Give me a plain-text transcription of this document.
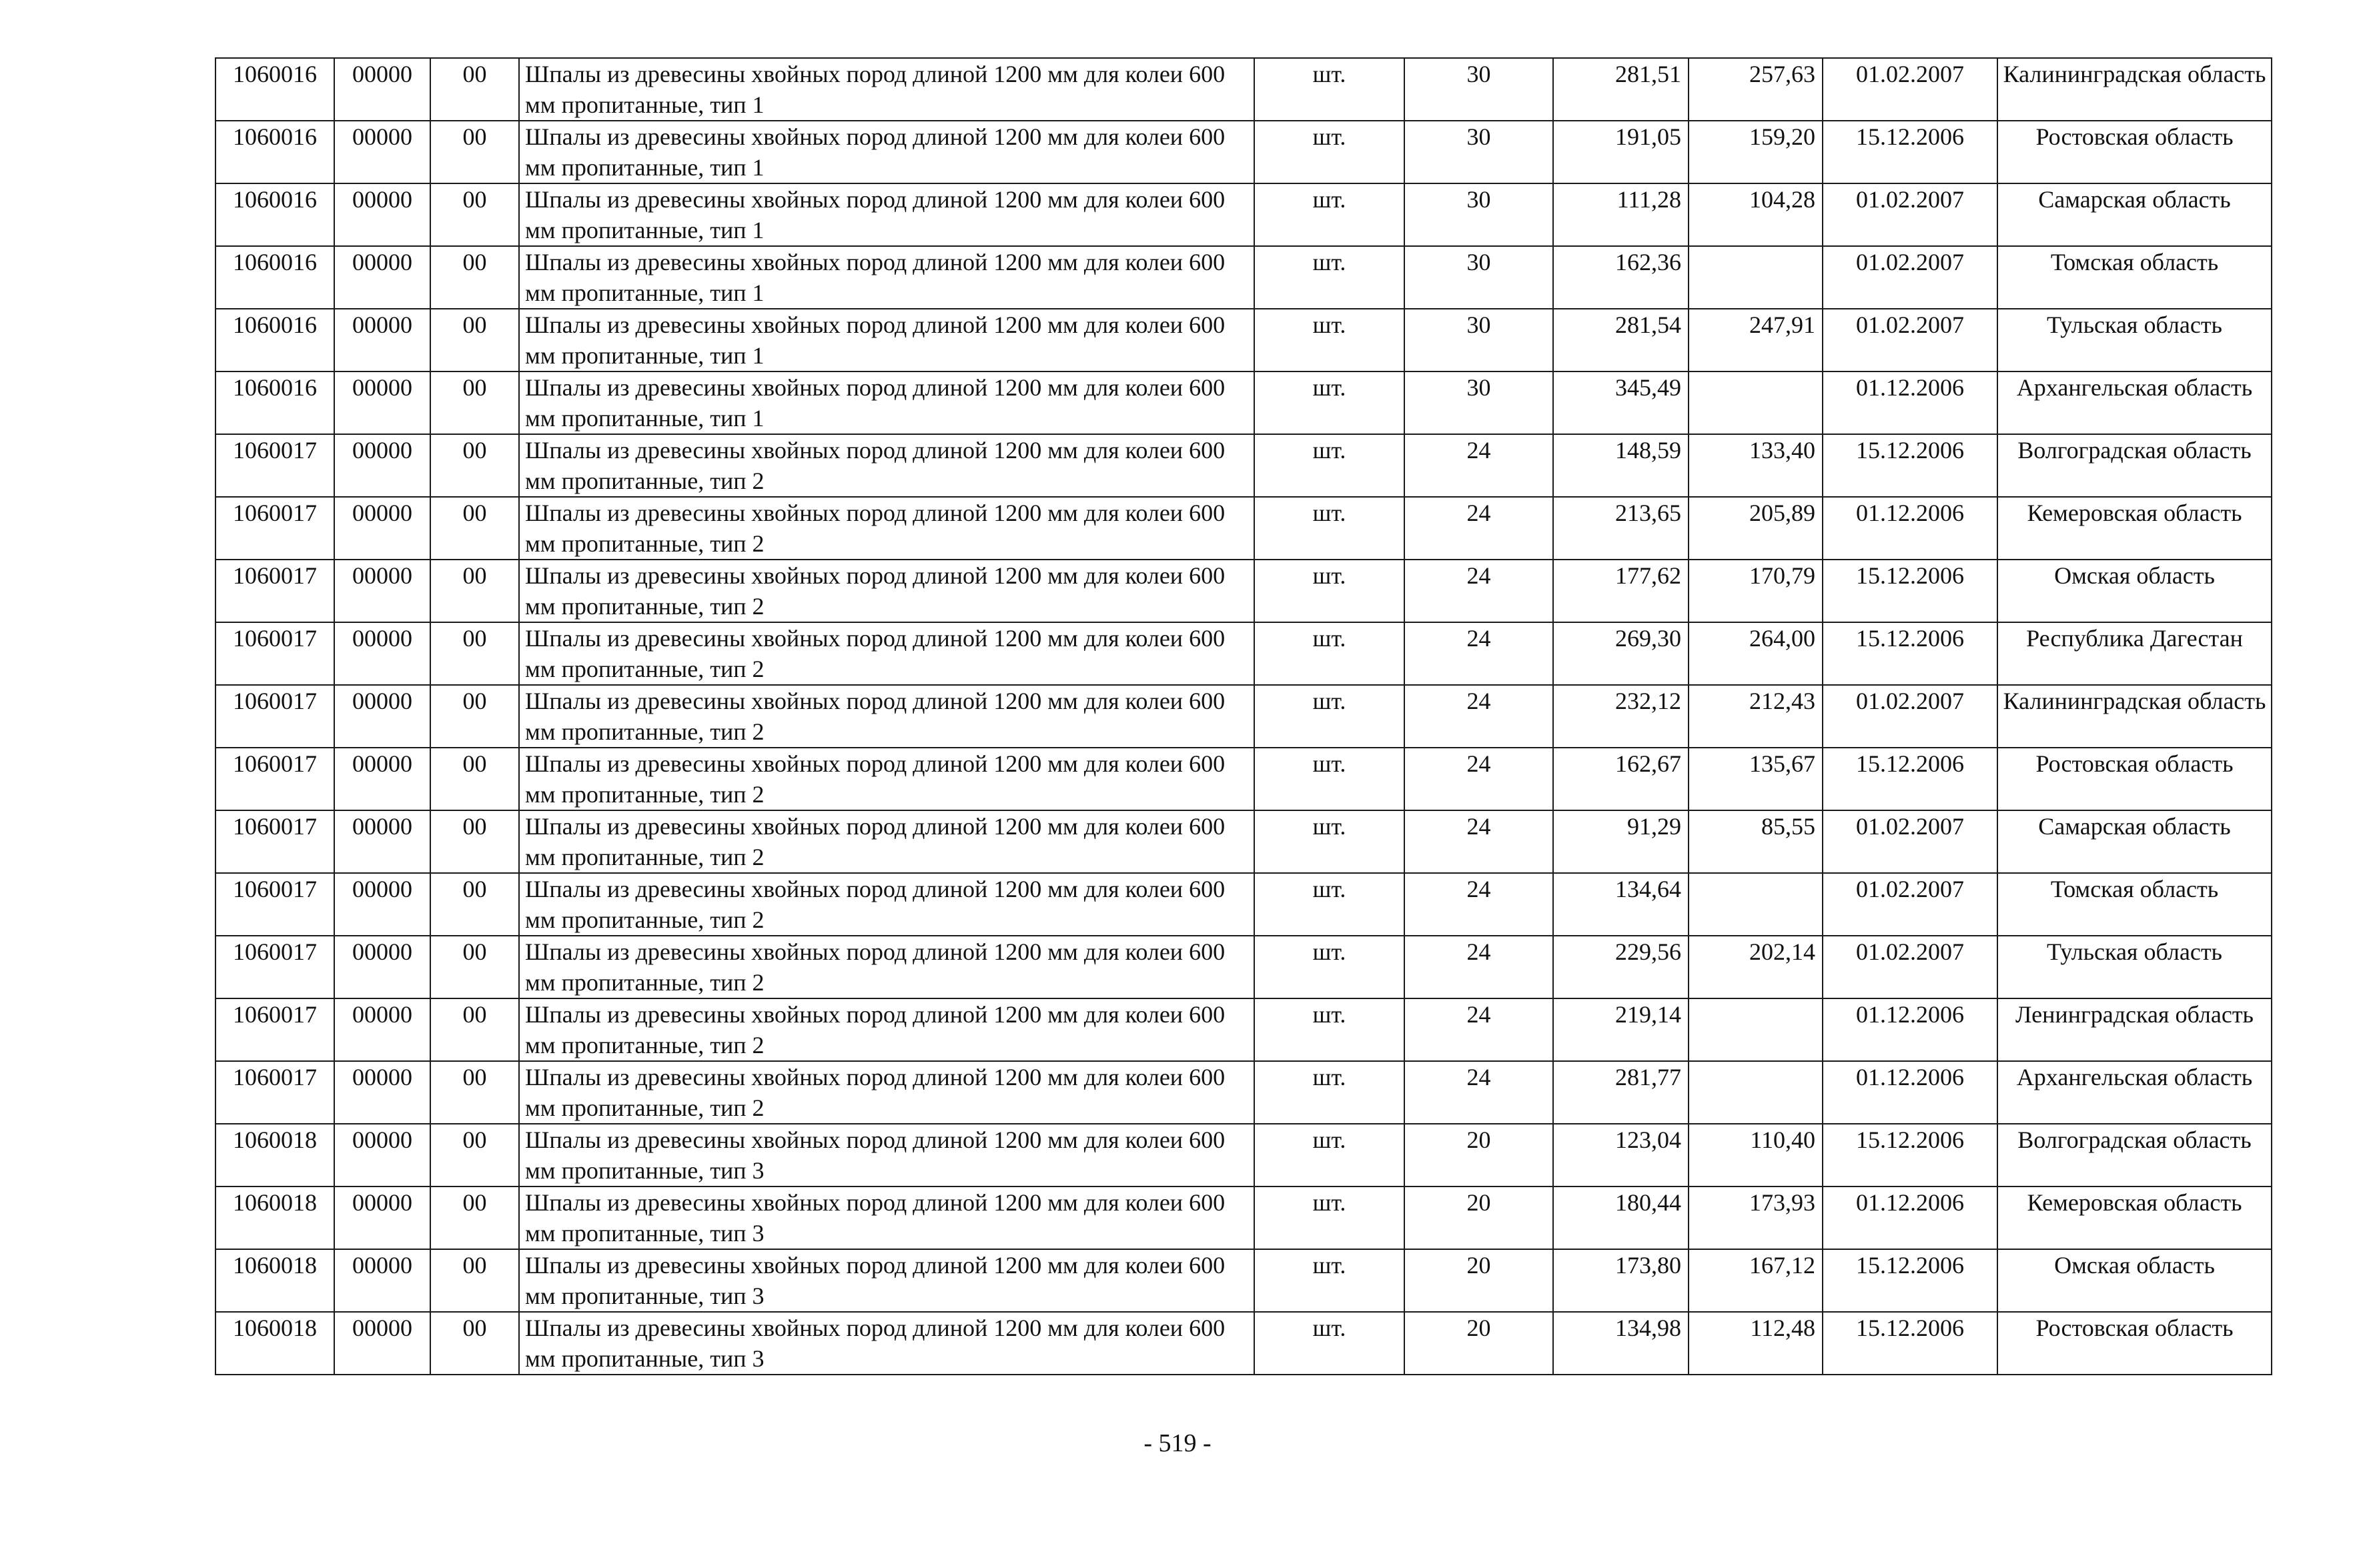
1060016	00000	00	Шпалы из древесины хвойных пород длиной 1200 мм для колеи 600 мм пропитанные, тип 1	шт.	30	281,51	257,63	01.02.2007	Калининградская область
1060016	00000	00	Шпалы из древесины хвойных пород длиной 1200 мм для колеи 600 мм пропитанные, тип 1	шт.	30	191,05	159,20	15.12.2006	Ростовская область
1060016	00000	00	Шпалы из древесины хвойных пород длиной 1200 мм для колеи 600 мм пропитанные, тип 1	шт.	30	111,28	104,28	01.02.2007	Самарская область
1060016	00000	00	Шпалы из древесины хвойных пород длиной 1200 мм для колеи 600 мм пропитанные, тип 1	шт.	30	162,36		01.02.2007	Томская область
1060016	00000	00	Шпалы из древесины хвойных пород длиной 1200 мм для колеи 600 мм пропитанные, тип 1	шт.	30	281,54	247,91	01.02.2007	Тульская область
1060016	00000	00	Шпалы из древесины хвойных пород длиной 1200 мм для колеи 600 мм пропитанные, тип 1	шт.	30	345,49		01.12.2006	Архангельская область
1060017	00000	00	Шпалы из древесины хвойных пород длиной 1200 мм для колеи 600 мм пропитанные, тип 2	шт.	24	148,59	133,40	15.12.2006	Волгоградская область
1060017	00000	00	Шпалы из древесины хвойных пород длиной 1200 мм для колеи 600 мм пропитанные, тип 2	шт.	24	213,65	205,89	01.12.2006	Кемеровская область
1060017	00000	00	Шпалы из древесины хвойных пород длиной 1200 мм для колеи 600 мм пропитанные, тип 2	шт.	24	177,62	170,79	15.12.2006	Омская область
1060017	00000	00	Шпалы из древесины хвойных пород длиной 1200 мм для колеи 600 мм пропитанные, тип 2	шт.	24	269,30	264,00	15.12.2006	Республика Дагестан
1060017	00000	00	Шпалы из древесины хвойных пород длиной 1200 мм для колеи 600 мм пропитанные, тип 2	шт.	24	232,12	212,43	01.02.2007	Калининградская область
1060017	00000	00	Шпалы из древесины хвойных пород длиной 1200 мм для колеи 600 мм пропитанные, тип 2	шт.	24	162,67	135,67	15.12.2006	Ростовская область
1060017	00000	00	Шпалы из древесины хвойных пород длиной 1200 мм для колеи 600 мм пропитанные, тип 2	шт.	24	91,29	85,55	01.02.2007	Самарская область
1060017	00000	00	Шпалы из древесины хвойных пород длиной 1200 мм для колеи 600 мм пропитанные, тип 2	шт.	24	134,64		01.02.2007	Томская область
1060017	00000	00	Шпалы из древесины хвойных пород длиной 1200 мм для колеи 600 мм пропитанные, тип 2	шт.	24	229,56	202,14	01.02.2007	Тульская область
1060017	00000	00	Шпалы из древесины хвойных пород длиной 1200 мм для колеи 600 мм пропитанные, тип 2	шт.	24	219,14		01.12.2006	Ленинградская область
1060017	00000	00	Шпалы из древесины хвойных пород длиной 1200 мм для колеи 600 мм пропитанные, тип 2	шт.	24	281,77		01.12.2006	Архангельская область
1060018	00000	00	Шпалы из древесины хвойных пород длиной 1200 мм для колеи 600 мм пропитанные, тип 3	шт.	20	123,04	110,40	15.12.2006	Волгоградская область
1060018	00000	00	Шпалы из древесины хвойных пород длиной 1200 мм для колеи 600 мм пропитанные, тип 3	шт.	20	180,44	173,93	01.12.2006	Кемеровская область
1060018	00000	00	Шпалы из древесины хвойных пород длиной 1200 мм для колеи 600 мм пропитанные, тип 3	шт.	20	173,80	167,12	15.12.2006	Омская область
1060018	00000	00	Шпалы из древесины хвойных пород длиной 1200 мм для колеи 600 мм пропитанные, тип 3	шт.	20	134,98	112,48	15.12.2006	Ростовская область
- 519 -
